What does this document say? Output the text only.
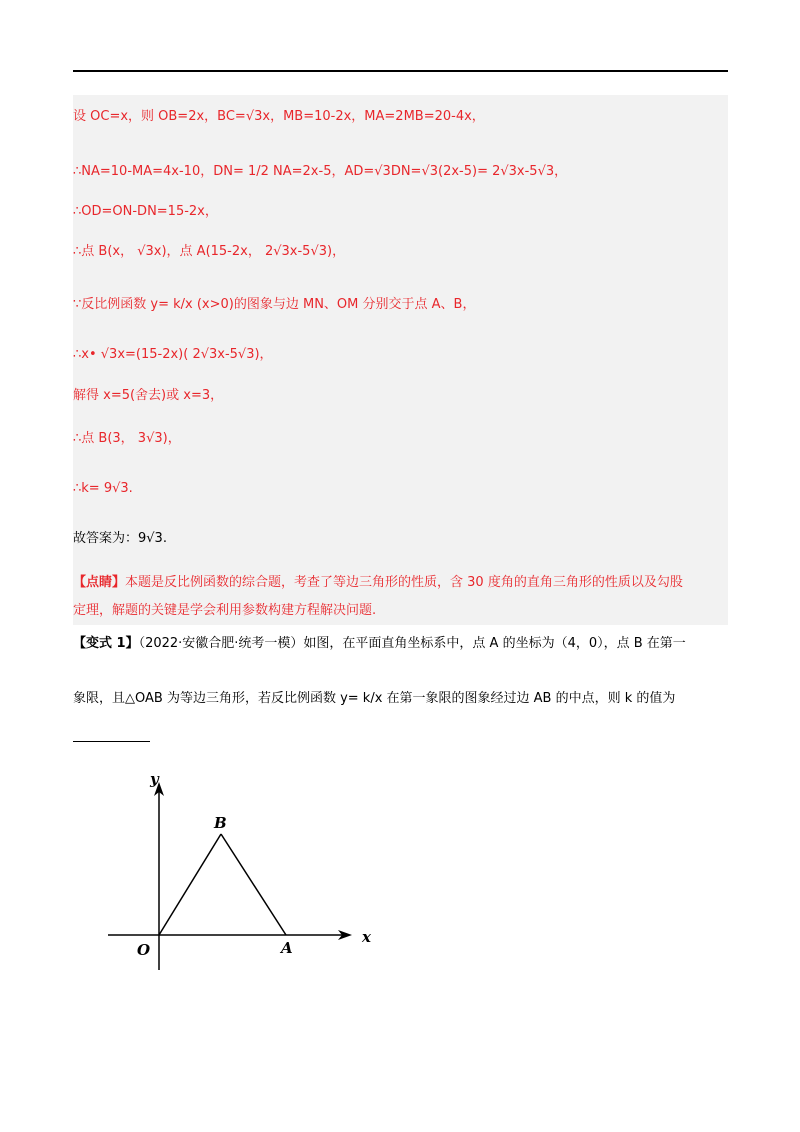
设 OC=x，则 OB=2x，BC=√3x，MB=10-2x，MA=2MB=20-4x，
∴NA=10-MA=4x-10，DN= 1/2 NA=2x-5，AD=√3DN=√3(2x-5)= 2√3x-5√3，
∴OD=ON-DN=15-2x，
∴点 B(x， √3x)，点 A(15-2x， 2√3x-5√3)，
∵反比例函数 y= k/x (x>0)的图象与边 MN、OM 分别交于点 A、B，
∴x• √3x=(15-2x)( 2√3x-5√3)，
解得 x=5(舍去)或 x=3，
∴点 B(3， 3√3)，
∴k= 9√3.
故答案为：9√3.
【点睛】本题是反比例函数的综合题，考查了等边三角形的性质，含 30 度角的直角三角形的性质以及勾股
定理，解题的关键是学会利用参数构建方程解决问题.
【变式 1】（2022·安徽合肥·统考一模）如图，在平面直角坐标系中，点 A 的坐标为（4，0），点 B 在第一
象限，且△OAB 为等边三角形，若反比例函数 y= k/x 在第一象限的图象经过边 AB 的中点，则 k 的值为
y
x
B
O	A
